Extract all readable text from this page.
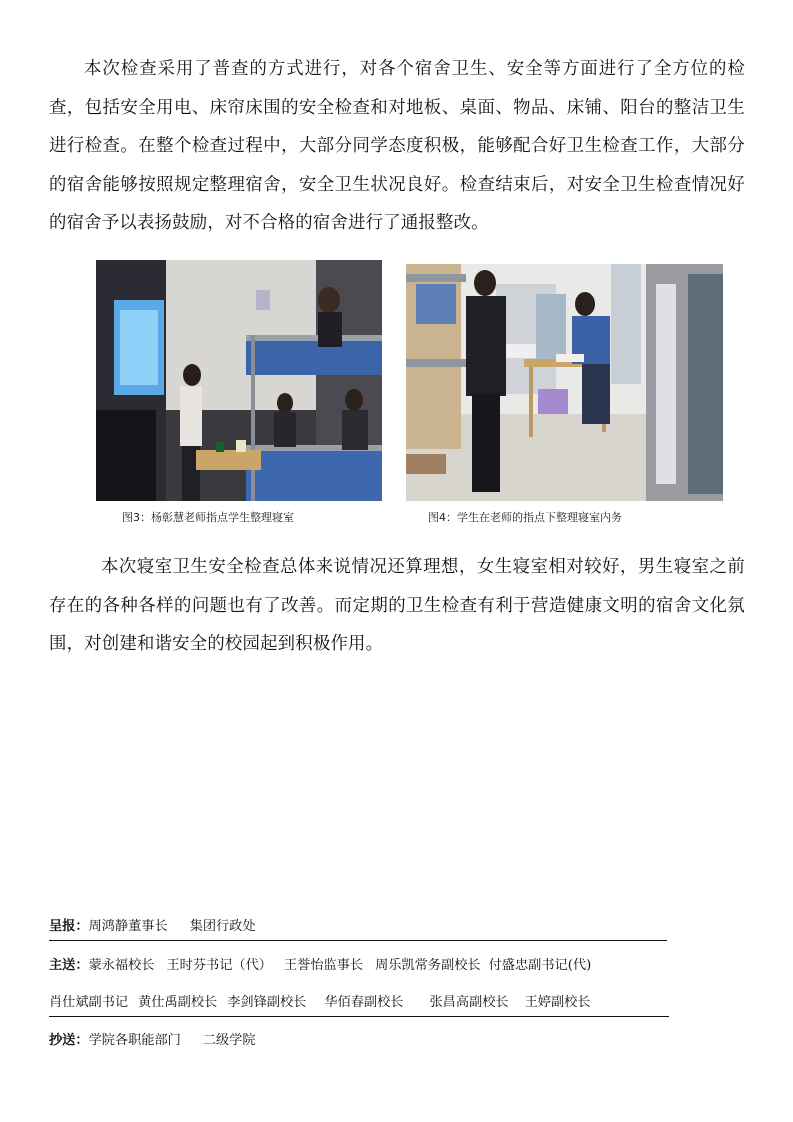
本次检查采用了普查的方式进行，对各个宿舍卫生、安全等方面进行了全方位的检查，包括安全用电、床帘床围的安全检查和对地板、桌面、物品、床铺、阳台的整洁卫生进行检查。在整个检查过程中，大部分同学态度积极，能够配合好卫生检查工作，大部分的宿舍能够按照规定整理宿舍，安全卫生状况良好。检查结束后，对安全卫生检查情况好的宿舍予以表扬鼓励，对不合格的宿舍进行了通报整改。

图3：杨彰慧老师指点学生整理寝室	图4：学生在老师的指点下整理寝室内务

本次寝室卫生安全检查总体来说情况还算理想，女生寝室相对较好，男生寝室之前存在的各种各样的问题也有了改善。而定期的卫生检查有利于营造健康文明的宿舍文化氛围，对创建和谐安全的校园起到积极作用。

呈报：周鸿静董事长 集团行政处
主送：蒙永福校长 王时芬书记（代） 王誉怡监事长 周乐凯常务副校长 付盛忠副书记(代)
肖仕斌副书记 黄仕禹副校长 李剑锋副校长 华佰春副校长 张昌高副校长 王婷副校长
抄送：学院各职能部门 二级学院
